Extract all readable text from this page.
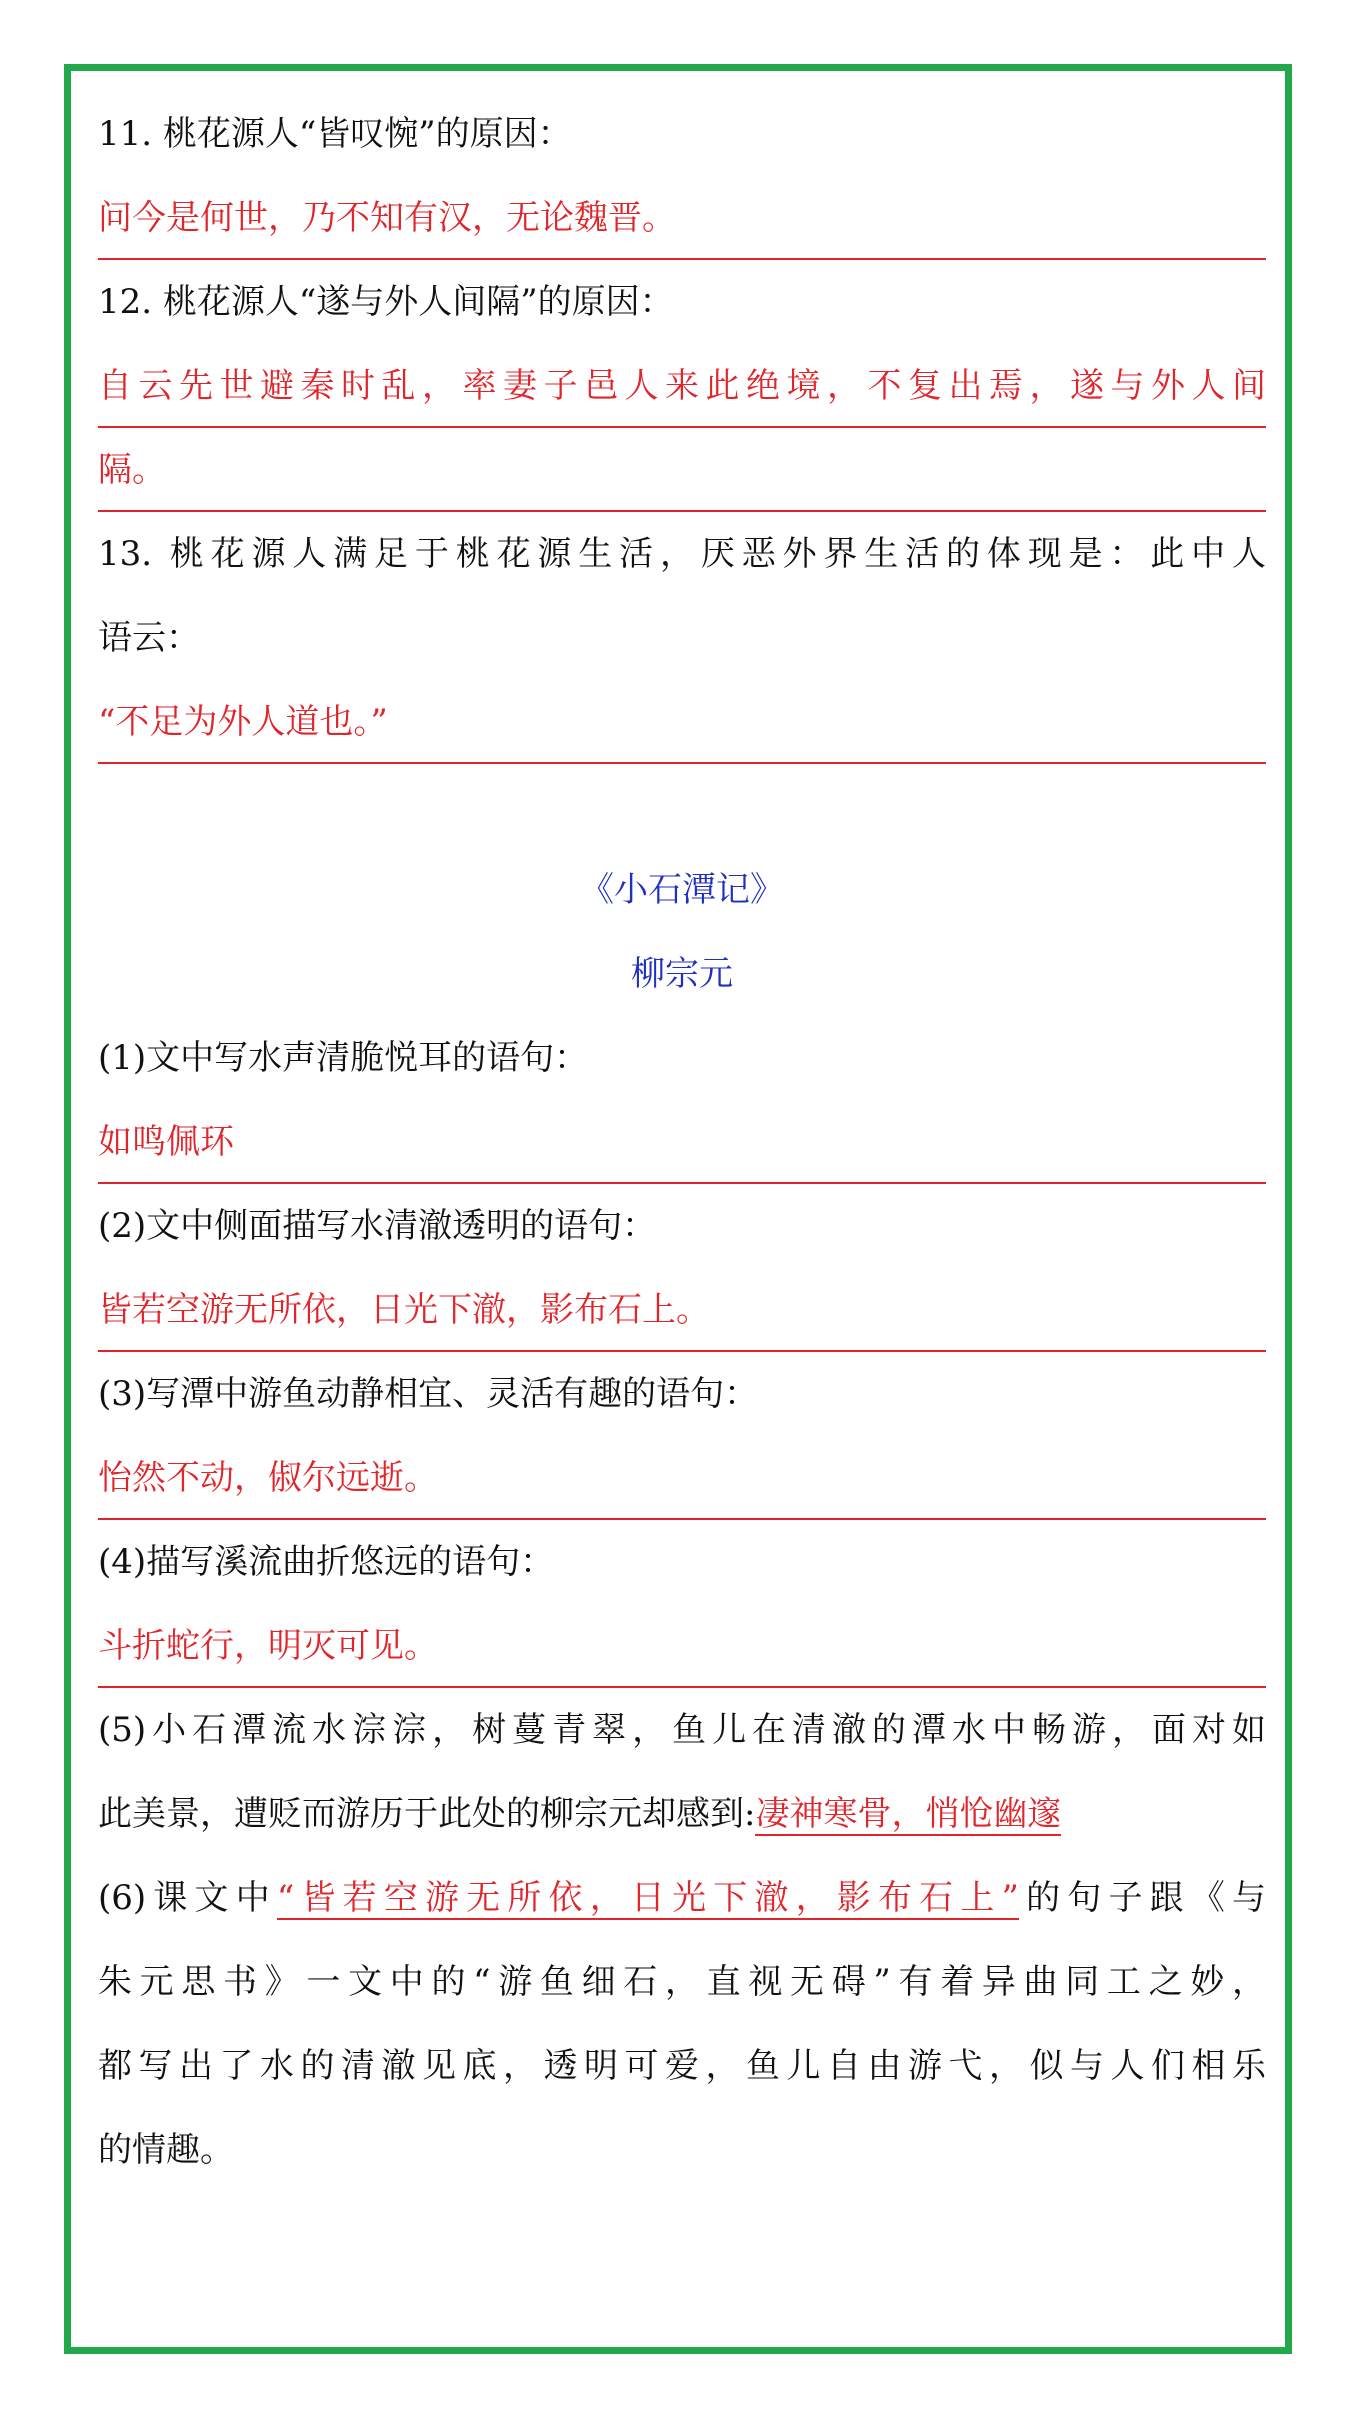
11. 桃花源人“皆叹惋”的原因：
问今是何世，乃不知有汉，无论魏晋。
12. 桃花源人“遂与外人间隔”的原因：
自云先世避秦时乱，率妻子邑人来此绝境，不复出焉，遂与外人间
隔。
13. 桃花源人满足于桃花源生活，厌恶外界生活的体现是：此中人
语云：
“不足为外人道也。”
《小石潭记》
柳宗元
(1)文中写水声清脆悦耳的语句：
如鸣佩环
(2)文中侧面描写水清澈透明的语句：
皆若空游无所依，日光下澈，影布石上。
(3)写潭中游鱼动静相宜、灵活有趣的语句：
怡然不动，俶尔远逝。
(4)描写溪流曲折悠远的语句：
斗折蛇行，明灭可见。
(5)小石潭流水淙淙，树蔓青翠，鱼儿在清澈的潭水中畅游，面对如
此美景，遭贬而游历于此处的柳宗元却感到:凄神寒骨，悄怆幽邃
(6)课文中“皆若空游无所依，日光下澈，影布石上”的句子跟《与
朱元思书》一文中的“游鱼细石，直视无碍”有着异曲同工之妙，
都写出了水的清澈见底，透明可爱，鱼儿自由游弋，似与人们相乐
的情趣。
